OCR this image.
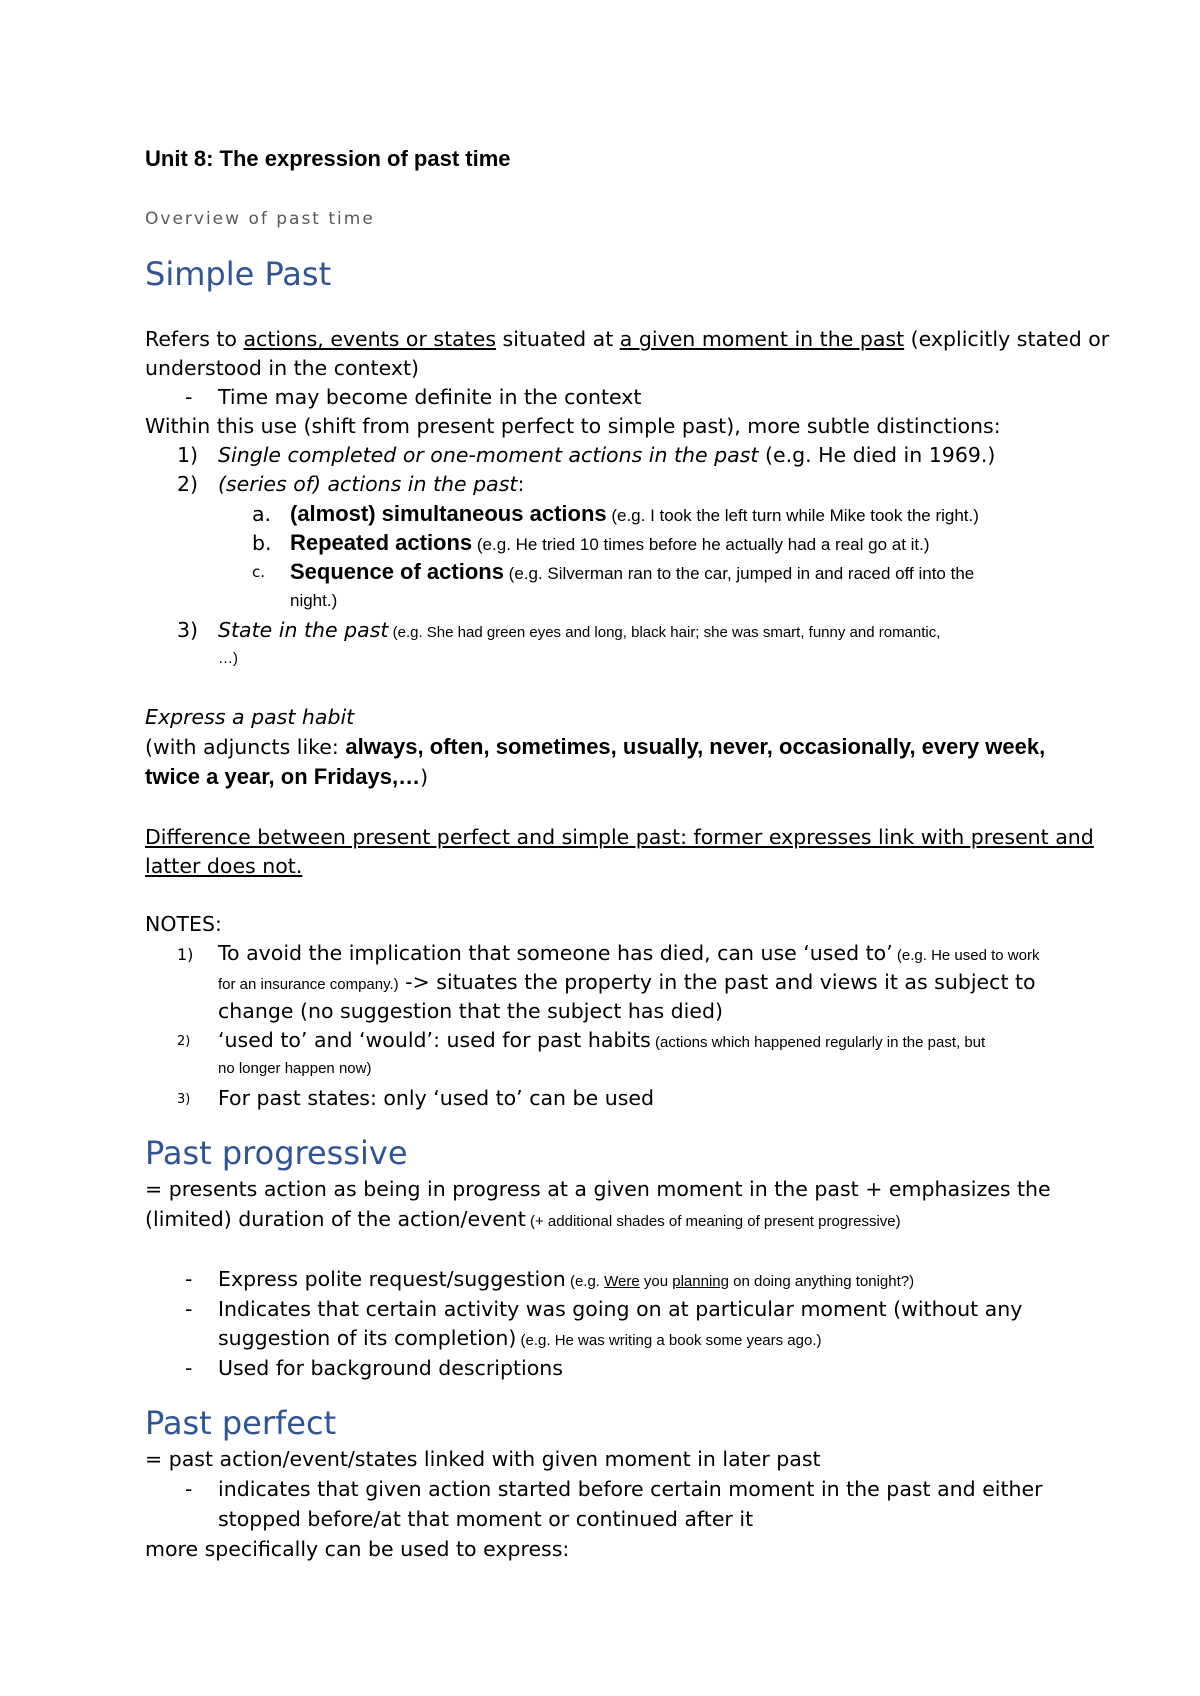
Unit 8: The expression of past time
Overview of past time
Simple Past
Refers to actions, events or states situated at a given moment in the past (explicitly stated or
understood in the context)
- Time may become definite in the context
Within this use (shift from present perfect to simple past), more subtle distinctions:
1) Single completed or one-moment actions in the past (e.g. He died in 1969.)
2) (series of) actions in the past:
a. (almost) simultaneous actions (e.g. I took the left turn while Mike took the right.)
b. Repeated actions (e.g. He tried 10 times before he actually had a real go at it.)
c. Sequence of actions (e.g. Silverman ran to the car, jumped in and raced off into the
night.)
3) State in the past (e.g. She had green eyes and long, black hair; she was smart, funny and romantic,
…)
Express a past habit
(with adjuncts like: always, often, sometimes, usually, never, occasionally, every week,
twice a year, on Fridays,…)
Difference between present perfect and simple past: former expresses link with present and
latter does not.
NOTES:
1) To avoid the implication that someone has died, can use ‘used to’ (e.g. He used to work
for an insurance company.) -> situates the property in the past and views it as subject to
change (no suggestion that the subject has died)
2) ‘used to’ and ‘would’: used for past habits (actions which happened regularly in the past, but
no longer happen now)
3) For past states: only ‘used to’ can be used
Past progressive
= presents action as being in progress at a given moment in the past + emphasizes the
(limited) duration of the action/event (+ additional shades of meaning of present progressive)
- Express polite request/suggestion (e.g. Were you planning on doing anything tonight?)
- Indicates that certain activity was going on at particular moment (without any
suggestion of its completion) (e.g. He was writing a book some years ago.)
- Used for background descriptions
Past perfect
= past action/event/states linked with given moment in later past
- indicates that given action started before certain moment in the past and either
stopped before/at that moment or continued after it
more specifically can be used to express:
